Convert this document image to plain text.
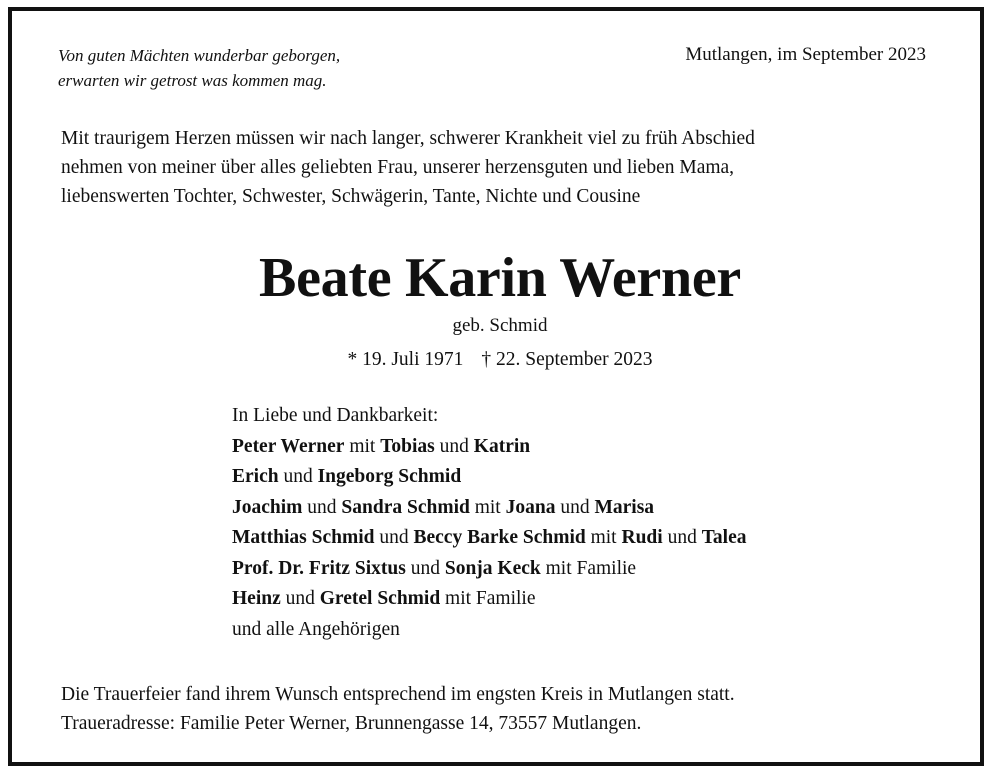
Von guten Mächten wunderbar geborgen,
erwarten wir getrost was kommen mag.
Mutlangen, im September 2023
Mit traurigem Herzen müssen wir nach langer, schwerer Krankheit viel zu früh Abschied
nehmen von meiner über alles geliebten Frau, unserer herzensguten und lieben Mama,
liebenswerten Tochter, Schwester, Schwägerin, Tante, Nichte und Cousine
Beate Karin Werner
geb. Schmid
* 19. Juli 1971 † 22. September 2023
In Liebe und Dankbarkeit:
Peter Werner mit Tobias und Katrin
Erich und Ingeborg Schmid
Joachim und Sandra Schmid mit Joana und Marisa
Matthias Schmid und Beccy Barke Schmid mit Rudi und Talea
Prof. Dr. Fritz Sixtus und Sonja Keck mit Familie
Heinz und Gretel Schmid mit Familie
und alle Angehörigen
Die Trauerfeier fand ihrem Wunsch entsprechend im engsten Kreis in Mutlangen statt.
Traueradresse: Familie Peter Werner, Brunnengasse 14, 73557 Mutlangen.
